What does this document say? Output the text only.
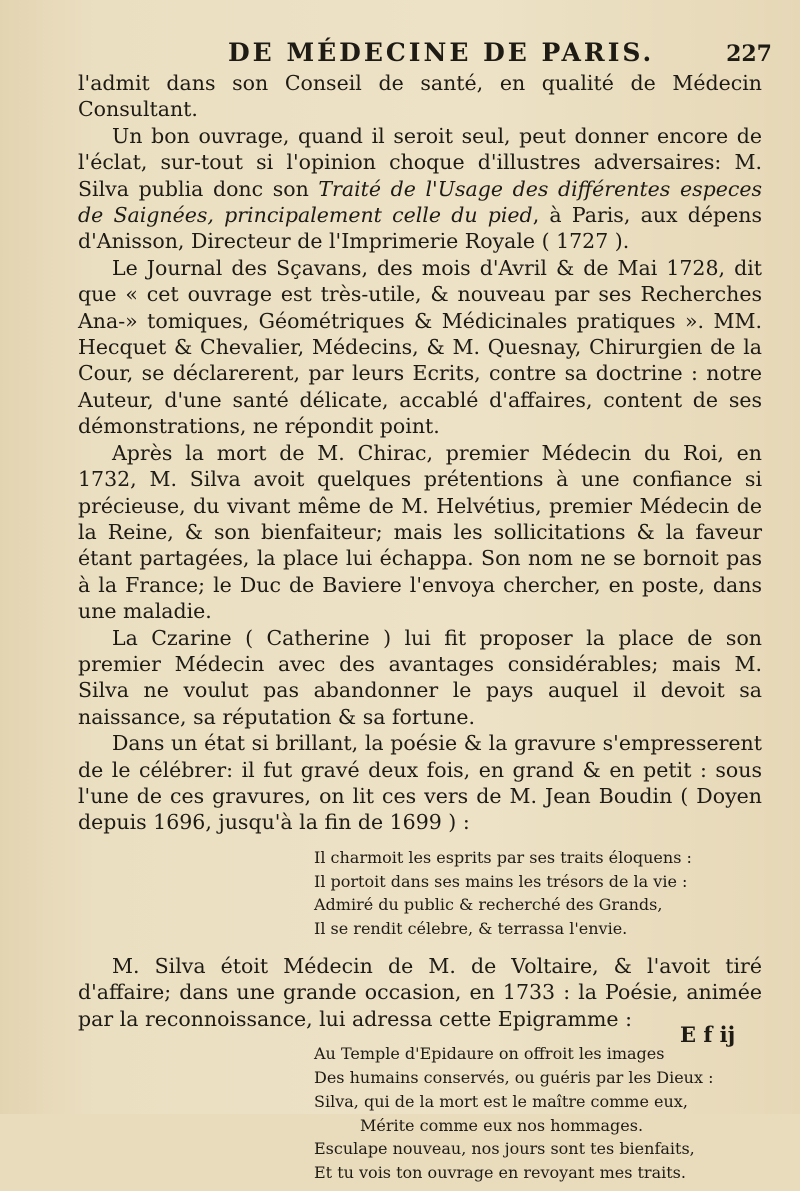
DE MÉDECINE DE PARIS.	227

l'admit dans son Conseil de santé, en qualité de Médecin Consultant.

Un bon ouvrage, quand il seroit seul, peut donner encore de l'éclat, sur-tout si l'opinion choque d'illustres adversaires: M. Silva publia donc son Traité de l'Usage des différentes especes de Saignées, principalement celle du pied, à Paris, aux dépens d'Anisson, Directeur de l'Imprimerie Royale ( 1727 ).

Le Journal des Sçavans, des mois d'Avril & de Mai 1728, dit que « cet ouvrage est très-utile, & nouveau par ses Recherches Ana-» tomiques, Géométriques & Médicinales pratiques ». MM. Hecquet & Chevalier, Médecins, & M. Quesnay, Chirurgien de la Cour, se déclarerent, par leurs Ecrits, contre sa doctrine : notre Auteur, d'une santé délicate, accablé d'affaires, content de ses démonstrations, ne répondit point.

Après la mort de M. Chirac, premier Médecin du Roi, en 1732, M. Silva avoit quelques prétentions à une confiance si précieuse, du vivant même de M. Helvétius, premier Médecin de la Reine, & son bienfaiteur; mais les sollicitations & la faveur étant partagées, la place lui échappa. Son nom ne se bornoit pas à la France; le Duc de Baviere l'envoya chercher, en poste, dans une maladie.

La Czarine ( Catherine ) lui fit proposer la place de son premier Médecin avec des avantages considérables; mais M. Silva ne voulut pas abandonner le pays auquel il devoit sa naissance, sa réputation & sa fortune.

Dans un état si brillant, la poésie & la gravure s'empresserent de le célébrer: il fut gravé deux fois, en grand & en petit : sous l'une de ces gravures, on lit ces vers de M. Jean Boudin ( Doyen depuis 1696, jusqu'à la fin de 1699 ) :

Il charmoit les esprits par ses traits éloquens :
Il portoit dans ses mains les trésors de la vie :
Admiré du public & recherché des Grands,
Il se rendit célebre, & terrassa l'envie.

M. Silva étoit Médecin de M. de Voltaire, & l'avoit tiré d'affaire; dans une grande occasion, en 1733 : la Poésie, animée par la reconnoissance, lui adressa cette Epigramme :

Au Temple d'Epidaure on offroit les images
Des humains conservés, ou guéris par les Dieux :
Silva, qui de la mort est le maître comme eux,
Mérite comme eux nos hommages.
Esculape nouveau, nos jours sont tes bienfaits,
Et tu vois ton ouvrage en revoyant mes traits.
E f ij
